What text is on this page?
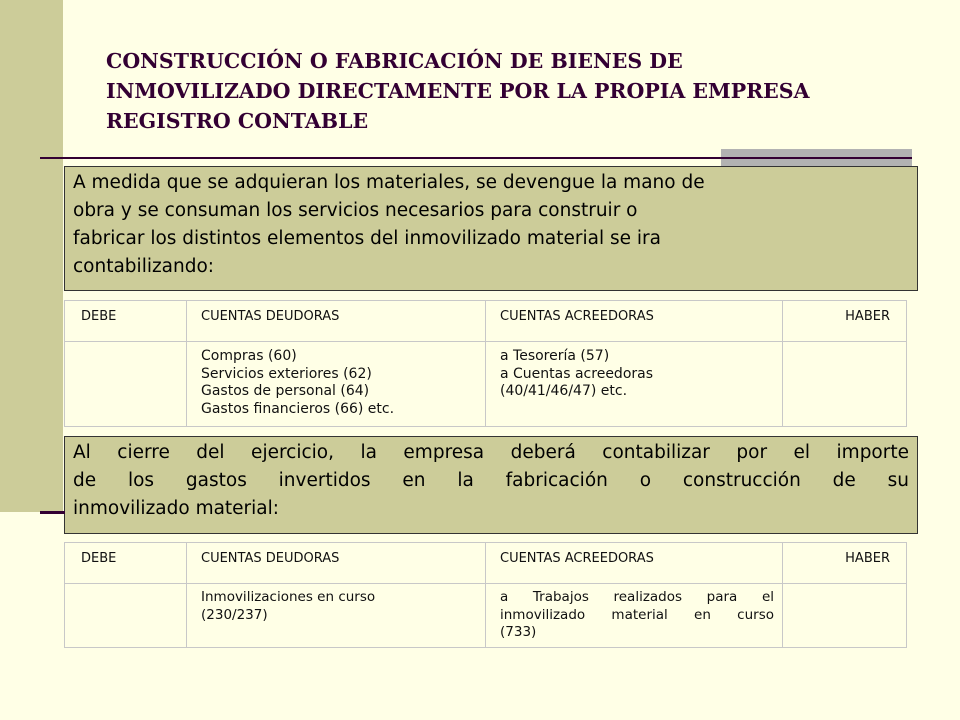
CONSTRUCCIÓN O FABRICACIÓN DE BIENES DE
INMOVILIZADO DIRECTAMENTE POR LA PROPIA EMPRESA
REGISTRO CONTABLE
A medida que se adquieran los materiales, se devengue la mano de
obra y se consuman los servicios necesarios para construir o
fabricar los distintos elementos del inmovilizado material se ira
contabilizando:
DEBE	CUENTAS DEUDORAS	CUENTAS ACREEDORAS	HABER

	Compras (60)
Servicios exteriores (62)
Gastos de personal (64)
Gastos financieros (66) etc.	a Tesorería (57)
a Cuentas acreedoras
(40/41/46/47) etc.	

Al cierre del ejercicio, la empresa deberá contabilizar por el importe
de los gastos invertidos en la fabricación o construcción de su
inmovilizado material:
DEBE	CUENTAS DEUDORAS	CUENTAS ACREEDORAS	HABER

	Inmovilizaciones en curso
(230/237)	a Trabajos realizados para el
inmovilizado material en curso
(733)	
